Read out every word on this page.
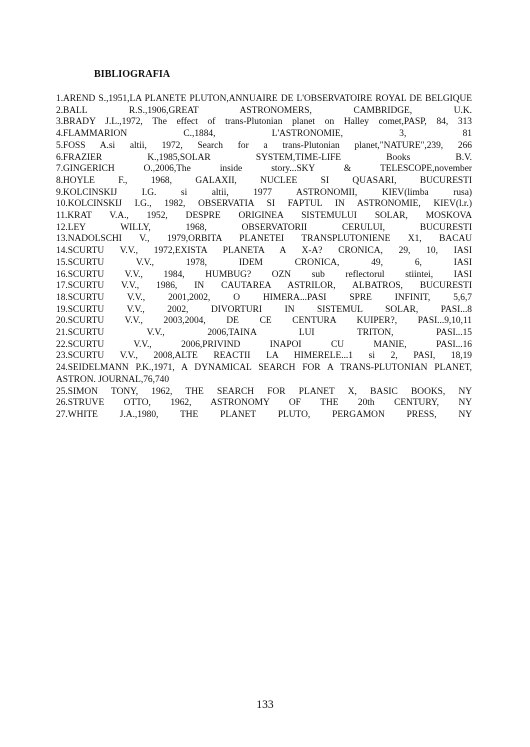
BIBLIOGRAFIA
1.AREND S.,1951,LA PLANETE PLUTON,ANNUAIRE DE L'OBSERVATOIRE ROYAL DE BELGIQUE
2.BALL R.S.,1906,GREAT ASTRONOMERS, CAMBRIDGE, U.K.
3.BRADY J.L.,1972, The effect of trans-Plutonian planet on Halley comet,PASP, 84, 313
4.FLAMMARION C.,1884, L'ASTRONOMIE, 3, 81
5.FOSS A.si altii, 1972, Search for a trans-Plutonian planet,"NATURE",239, 266
6.FRAZIER K.,1985,SOLAR SYSTEM,TIME-LIFE Books B.V.
7.GINGERICH O.,2006,The inside story...SKY & TELESCOPE,november
8.HOYLE F., 1968, GALAXII, NUCLEE SI QUASARI, BUCURESTI
9.KOLCINSKIJ I.G. si altii, 1977 ASTRONOMII, KIEV(limba rusa)
10.KOLCINSKIJ I.G., 1982, OBSERVATIA SI FAPTUL IN ASTRONOMIE, KIEV(l.r.)
11.KRAT V.A., 1952, DESPRE ORIGINEA SISTEMULUI SOLAR, MOSKOVA
12.LEY WILLY, 1968, OBSERVATORII CERULUI, BUCURESTI
13.NADOLSCHI V., 1979,ORBITA PLANETEI TRANSPLUTONIENE X1, BACAU
14.SCURTU V.V., 1972,EXISTA PLANETA A X-A? CRONICA, 29, 10, IASI
15.SCURTU V.V., 1978, IDEM CRONICA, 49, 6, IASI
16.SCURTU V.V., 1984, HUMBUG? OZN sub reflectorul stiintei, IASI
17.SCURTU V.V., 1986, IN CAUTAREA ASTRILOR, ALBATROS, BUCURESTI
18.SCURTU V.V., 2001,2002, O HIMERA...PASI SPRE INFINIT, 5,6,7
19.SCURTU V.V., 2002, DIVORTURI IN SISTEMUL SOLAR, PASI...8
20.SCURTU V.V., 2003,2004, DE CE CENTURA KUIPER?, PASI...9,10,11
21.SCURTU V.V., 2006,TAINA LUI TRITON, PASI...15
22.SCURTU V.V., 2006,PRIVIND INAPOI CU MANIE, PASI...16
23.SCURTU V.V., 2008,ALTE REACTII LA HIMERELE...1 si 2, PASI, 18,19
24.SEIDELMANN P.K.,1971, A DYNAMICAL SEARCH FOR A TRANS-PLUTONIAN PLANET, ASTRON. JOURNAL,76,740
25.SIMON TONY, 1962, THE SEARCH FOR PLANET X, BASIC BOOKS, NY
26.STRUVE OTTO, 1962, ASTRONOMY OF THE 20th CENTURY, NY
27.WHITE J.A.,1980, THE PLANET PLUTO, PERGAMON PRESS, NY
133
